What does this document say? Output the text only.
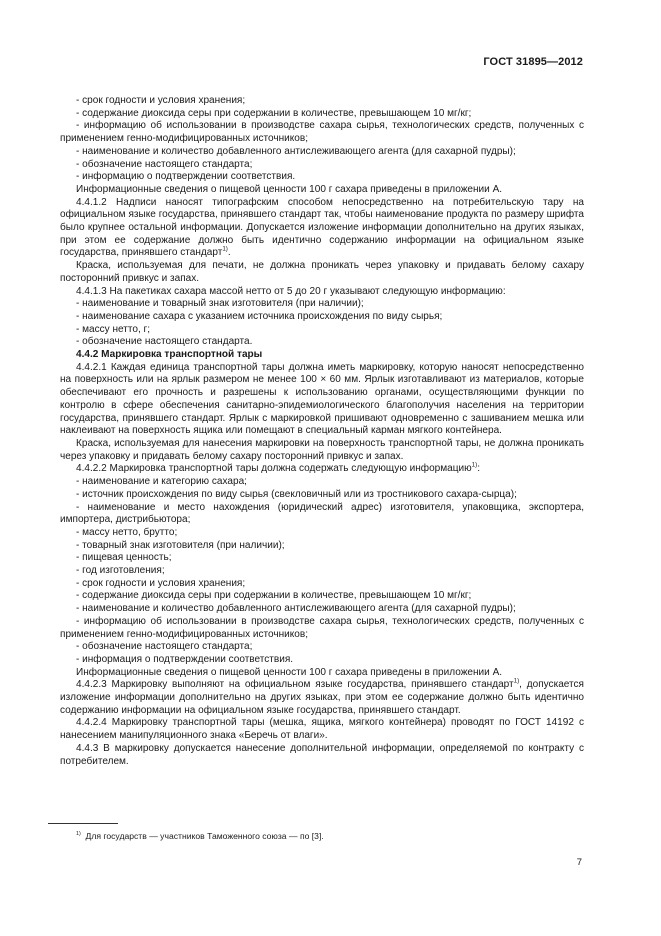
ГОСТ 31895—2012

- срок годности и условия хранения;

- содержание диоксида серы при содержании в количестве, превышающем 10 мг/кг;

- информацию об использовании в производстве сахара сырья, технологических средств, полученных с применением генно-модифицированных источников;

- наименование и количество добавленного антислеживающего агента (для сахарной пудры);

- обозначение настоящего стандарта;

- информацию о подтверждении соответствия.

Информационные сведения о пищевой ценности 100 г сахара приведены в приложении А.

4.4.1.2 Надписи наносят типографским способом непосредственно на потребительскую тару на официальном языке государства, принявшего стандарт так, чтобы наименование продукта по размеру шрифта было крупнее остальной информации. Допускается изложение информации дополнительно на других языках, при этом ее содержание должно быть идентично содержанию информации на официальном языке государства, принявшего стандарт$^{1)}$.

Краска, используемая для печати, не должна проникать через упаковку и придавать белому сахару посторонний привкус и запах.

4.4.1.3 На пакетиках сахара массой нетто от 5 до 20 г указывают следующую информацию:

- наименование и товарный знак изготовителя (при наличии);

- наименование сахара с указанием источника происхождения по виду сырья;

- массу нетто, г;

- обозначение настоящего стандарта.

4.4.2 Маркировка транспортной тары

4.4.2.1 Каждая единица транспортной тары должна иметь маркировку, которую наносят непосредственно на поверхность или на ярлык размером не менее 100 × 60 мм. Ярлык изготавливают из материалов, которые обеспечивают его прочность и разрешены к использованию органами, осуществляющими функции по контролю в сфере обеспечения санитарно-эпидемиологического благополучия населения на территории государства, принявшего стандарт. Ярлык с маркировкой пришивают одновременно с зашиванием мешка или наклеивают на поверхность ящика или помещают в специальный карман мягкого контейнера.

Краска, используемая для нанесения маркировки на поверхность транспортной тары, не должна проникать через упаковку и придавать белому сахару посторонний привкус и запах.

4.4.2.2 Маркировка транспортной тары должна содержать следующую информацию$^{1)}$:

- наименование и категорию сахара;

- источник происхождения по виду сырья (свекловичный или из тростникового сахара-сырца);

- наименование и место нахождения (юридический адрес) изготовителя, упаковщика, экспортера, импортера, дистрибьютора;

- массу нетто, брутто;

- товарный знак изготовителя (при наличии);

- пищевая ценность;

- год изготовления;

- срок годности и условия хранения;

- содержание диоксида серы при содержании в количестве, превышающем 10 мг/кг;

- наименование и количество добавленного антислеживающего агента (для сахарной пудры);

- информацию об использовании в производстве сахара сырья, технологических средств, полученных с применением генно-модифицированных источников;

- обозначение настоящего стандарта;

- информация о подтверждении соответствия.

Информационные сведения о пищевой ценности 100 г сахара приведены в приложении А.

4.4.2.3 Маркировку выполняют на официальном языке государства, принявшего стандарт$^{1)}$, допускается изложение информации дополнительно на других языках, при этом ее содержание должно быть идентично содержанию информации на официальном языке государства, принявшего стандарт.

4.4.2.4 Маркировку транспортной тары (мешка, ящика, мягкого контейнера) проводят по ГОСТ 14192 с нанесением манипуляционного знака «Беречь от влаги».

4.4.3 В маркировку допускается нанесение дополнительной информации, определяемой по контракту с потребителем.

$^{1)}$ Для государств — участников Таможенного союза — по [3].
7
